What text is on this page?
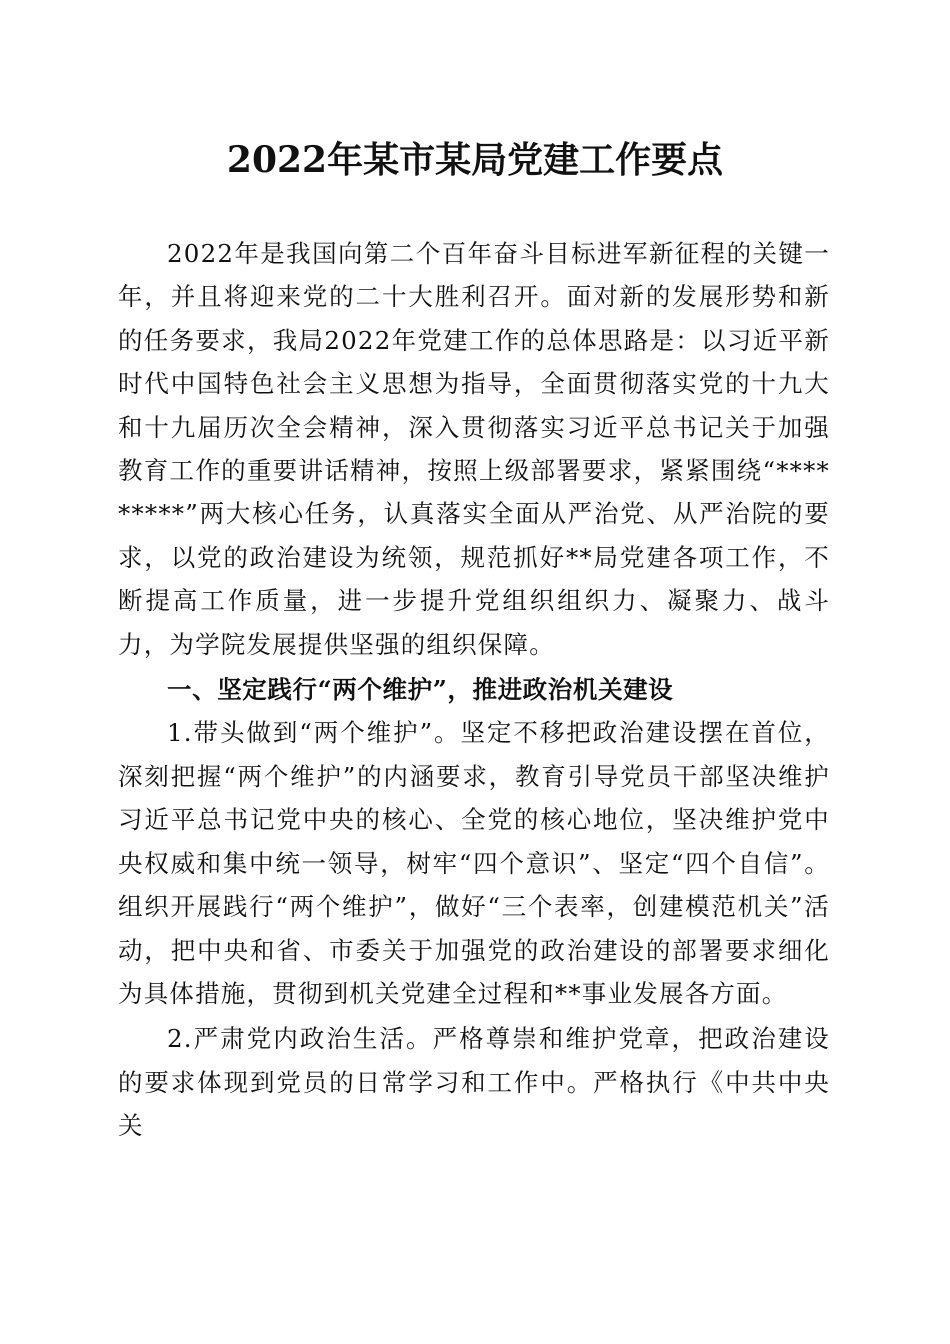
2022年某市某局党建工作要点

2022年是我国向第二个百年奋斗目标进军新征程的关键一年，并且将迎来党的二十大胜利召开。面对新的发展形势和新的任务要求，我局2022年党建工作的总体思路是：以习近平新时代中国特色社会主义思想为指导，全面贯彻落实党的十九大和十九届历次全会精神，深入贯彻落实习近平总书记关于加强教育工作的重要讲话精神，按照上级部署要求，紧紧围绕“*********”两大核心任务，认真落实全面从严治党、从严治院的要求，以党的政治建设为统领，规范抓好**局党建各项工作，不断提高工作质量，进一步提升党组织组织力、凝聚力、战斗力，为学院发展提供坚强的组织保障。

一、坚定践行“两个维护”，推进政治机关建设

1.带头做到“两个维护”。坚定不移把政治建设摆在首位，深刻把握“两个维护”的内涵要求，教育引导党员干部坚决维护习近平总书记党中央的核心、全党的核心地位，坚决维护党中央权威和集中统一领导，树牢“四个意识”、坚定“四个自信”。组织开展践行“两个维护”，做好“三个表率，创建模范机关”活动，把中央和省、市委关于加强党的政治建设的部署要求细化为具体措施，贯彻到机关党建全过程和**事业发展各方面。

2.严肃党内政治生活。严格尊崇和维护党章，把政治建设的要求体现到党员的日常学习和工作中。严格执行《中共中央关
